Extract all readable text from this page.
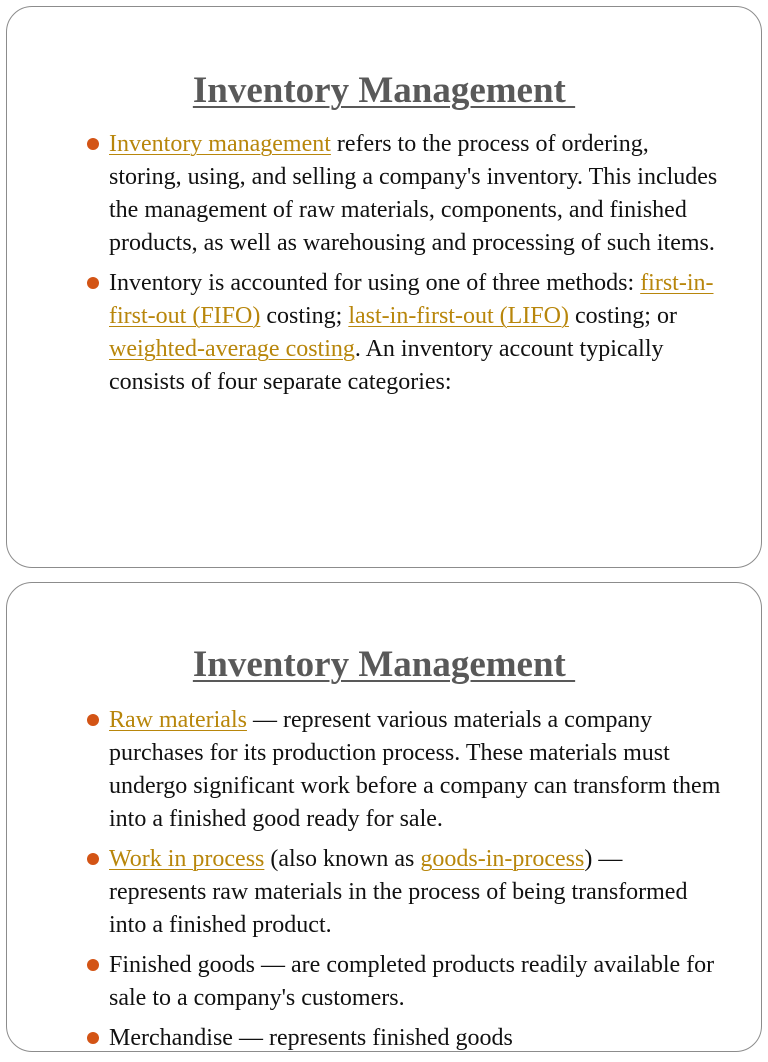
Inventory Management
Inventory management refers to the process of ordering, storing, using, and selling a company's inventory. This includes the management of raw materials, components, and finished products, as well as warehousing and processing of such items.
Inventory is accounted for using one of three methods: first-in-first-out (FIFO) costing; last-in-first-out (LIFO) costing; or weighted-average costing. An inventory account typically consists of four separate categories:
Inventory Management
Raw materials — represent various materials a company purchases for its production process. These materials must undergo significant work before a company can transform them into a finished good ready for sale.
Work in process (also known as goods-in-process) — represents raw materials in the process of being transformed into a finished product.
Finished goods — are completed products readily available for sale to a company's customers.
Merchandise — represents finished goods
